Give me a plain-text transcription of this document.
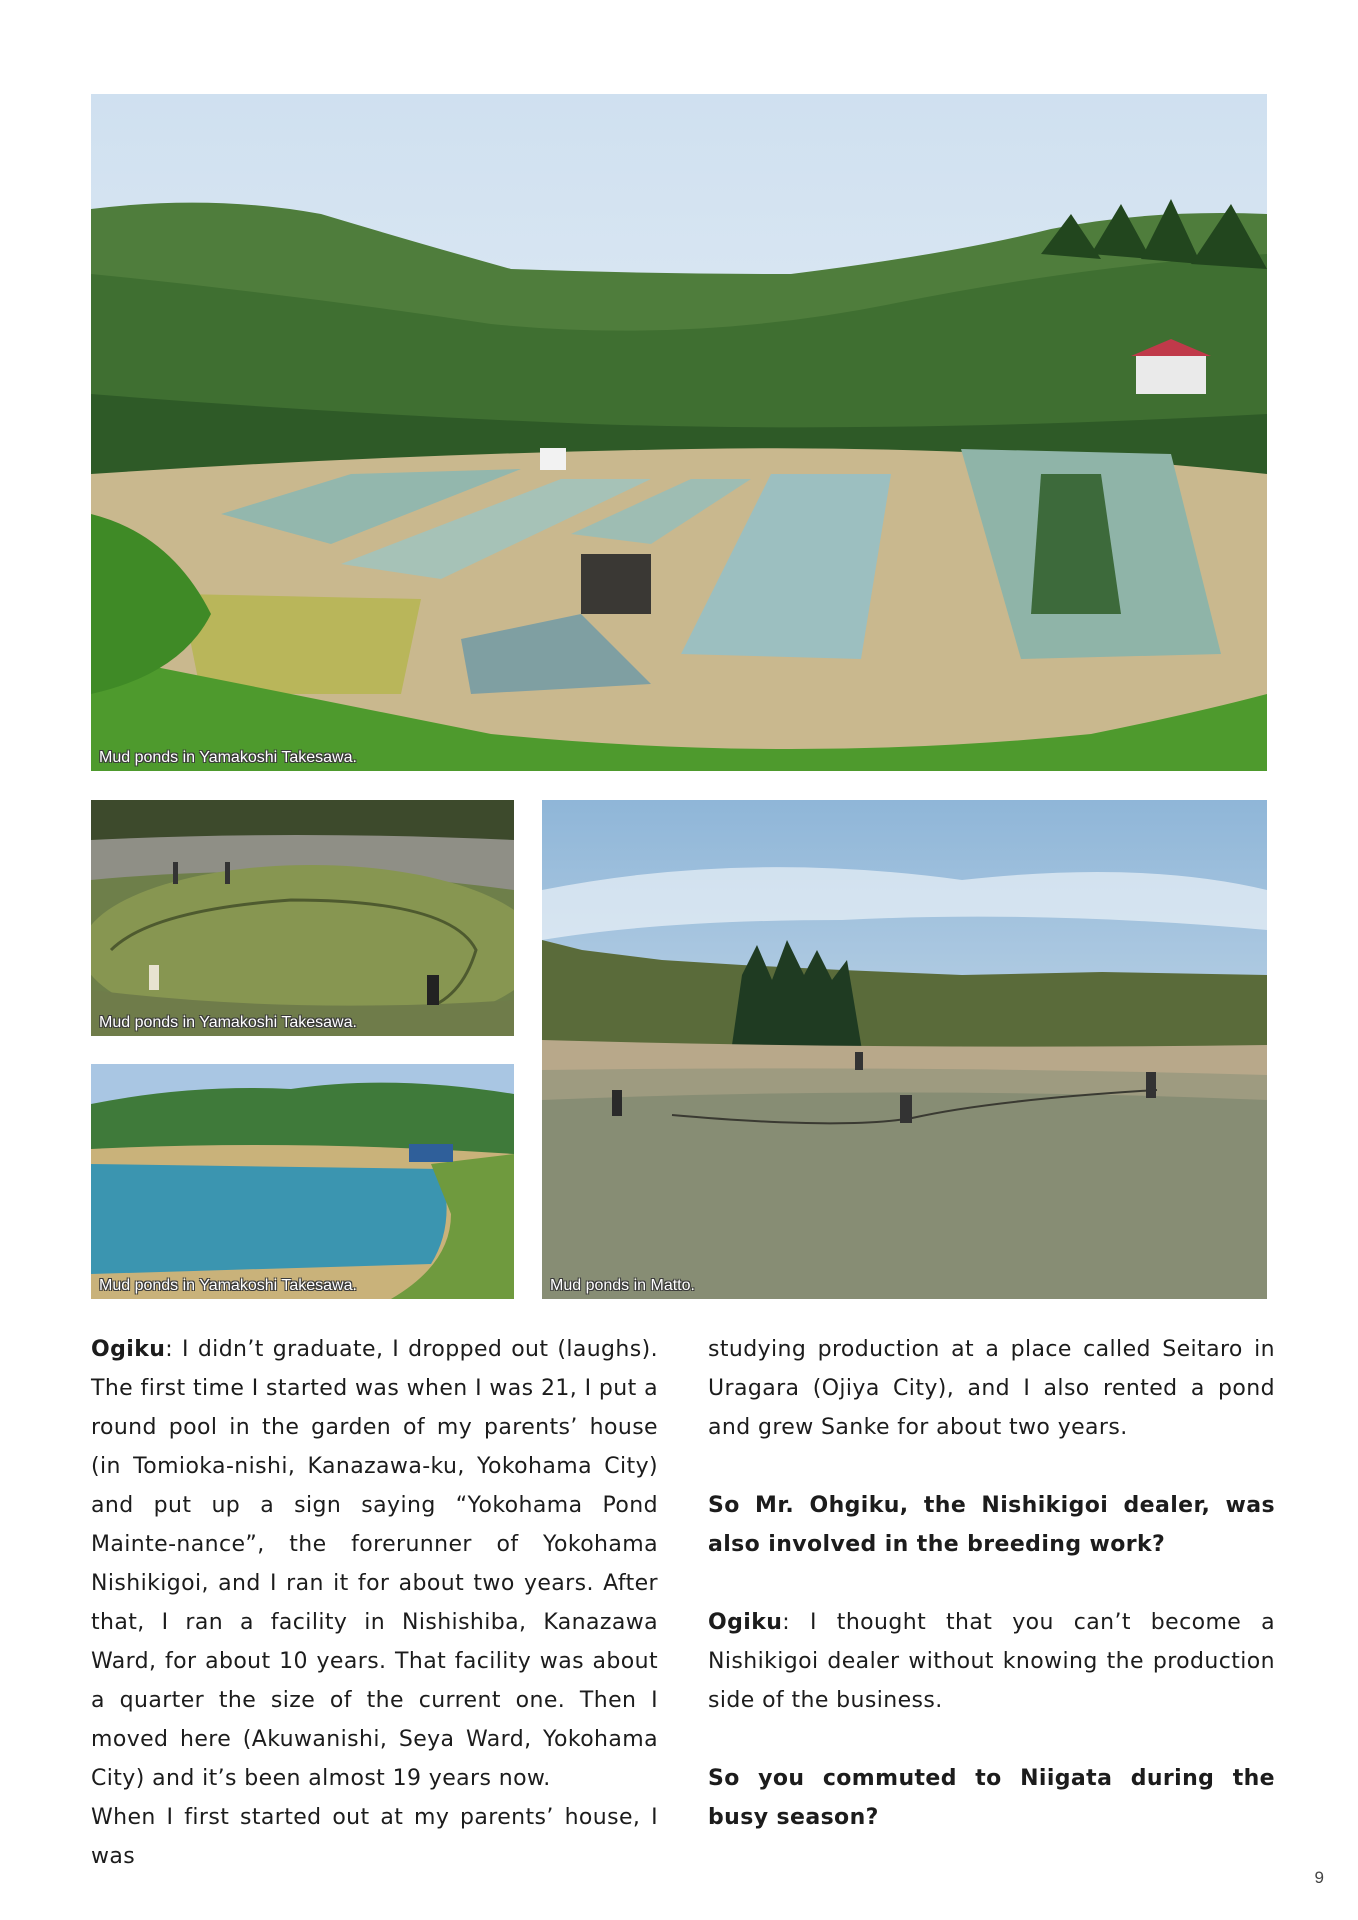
Mud ponds in Yamakoshi Takesawa.
Mud ponds in Yamakoshi Takesawa.
Mud ponds in Yamakoshi Takesawa.	Mud ponds in Matto.

Ogiku: I didn’t graduate, I dropped out (laughs). The first time I started was when I was 21, I put a round pool in the garden of my parents’ house (in Tomioka-nishi, Kanazawa-ku, Yokohama City) and put up a sign saying “Yokohama Pond Mainte-nance”, the forerunner of Yokohama Nishikigoi, and I ran it for about two years. After that, I ran a facility in Nishishiba, Kanazawa Ward, for about 10 years. That facility was about a quarter the size of the current one. Then I moved here (Akuwanishi, Seya Ward, Yokohama City) and it’s been almost 19 years now.

When I first started out at my parents’ house, I was

studying production at a place called Seitaro in Uragara (Ojiya City), and I also rented a pond and grew Sanke for about two years.

So Mr. Ohgiku, the Nishikigoi dealer, was also involved in the breeding work?

Ogiku: I thought that you can’t become a Nishikigoi dealer without knowing the production side of the business.

So you commuted to Niigata during the busy season?

9
